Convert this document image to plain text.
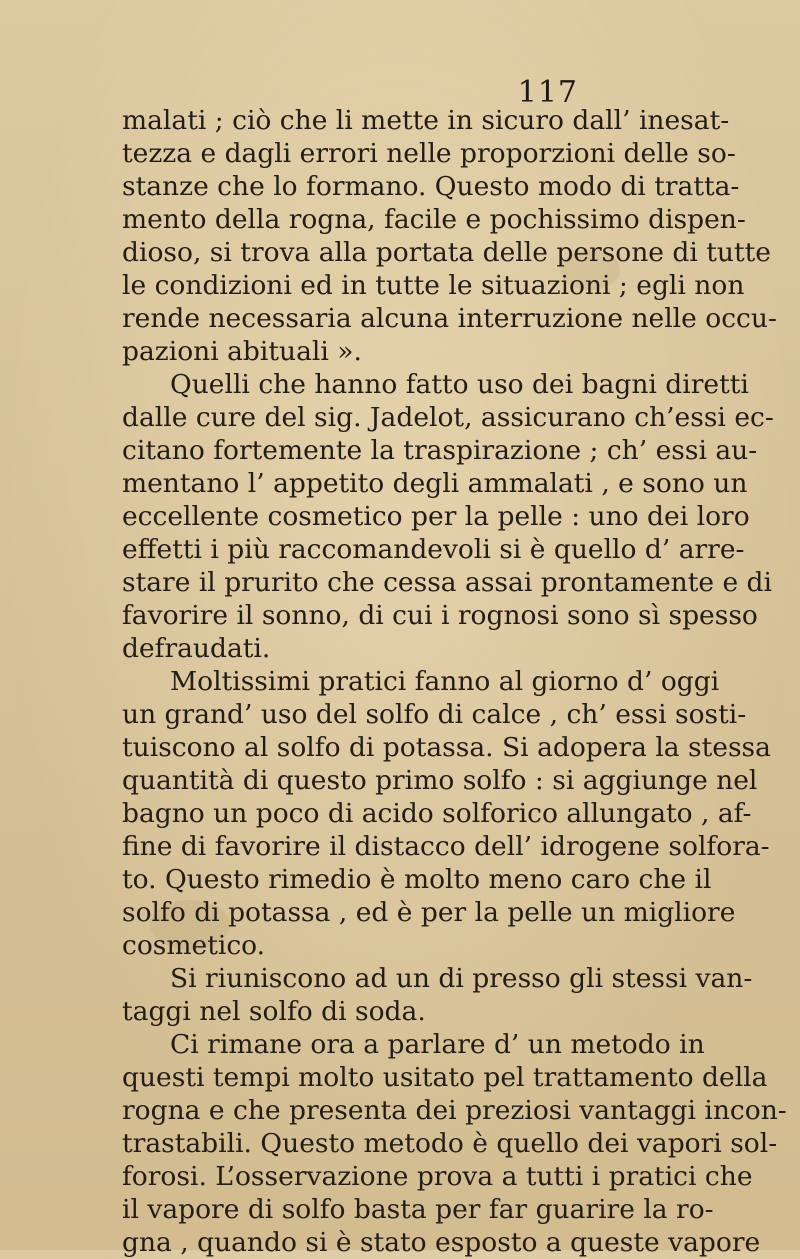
117
malati ; ciò che li mette in sicuro dall’ inesat-
tezza e dagli errori nelle proporzioni delle so-
stanze che lo formano. Questo modo di tratta-
mento della rogna, facile e pochissimo dispen-
dioso, si trova alla portata delle persone di tutte
le condizioni ed in tutte le situazioni ; egli non
rende necessaria alcuna interruzione nelle occu-
pazioni abituali ».
Quelli che hanno fatto uso dei bagni diretti
dalle cure del sig. Jadelot, assicurano ch’essi ec-
citano fortemente la traspirazione ; ch’ essi au-
mentano l’ appetito degli ammalati , e sono un
eccellente cosmetico per la pelle : uno dei loro
effetti i più raccomandevoli si è quello d’ arre-
stare il prurito che cessa assai prontamente e di
favorire il sonno, di cui i rognosi sono sì spesso
defraudati.
Moltissimi pratici fanno al giorno d’ oggi
un grand’ uso del solfo di calce , ch’ essi sosti-
tuiscono al solfo di potassa. Si adopera la stessa
quantità di questo primo solfo : si aggiunge nel
bagno un poco di acido solforico allungato , af-
fine di favorire il distacco dell’ idrogene solfora-
to. Questo rimedio è molto meno caro che il
solfo di potassa , ed è per la pelle un migliore
cosmetico.
Si riuniscono ad un di presso gli stessi van-
taggi nel solfo di soda.
Ci rimane ora a parlare d’ un metodo in
questi tempi molto usitato pel trattamento della
rogna e che presenta dei preziosi vantaggi incon-
trastabili. Questo metodo è quello dei vapori sol-
forosi. L’osservazione prova a tutti i pratici che
il vapore di solfo basta per far guarire la ro-
gna , quando si è stato esposto a queste vapore
